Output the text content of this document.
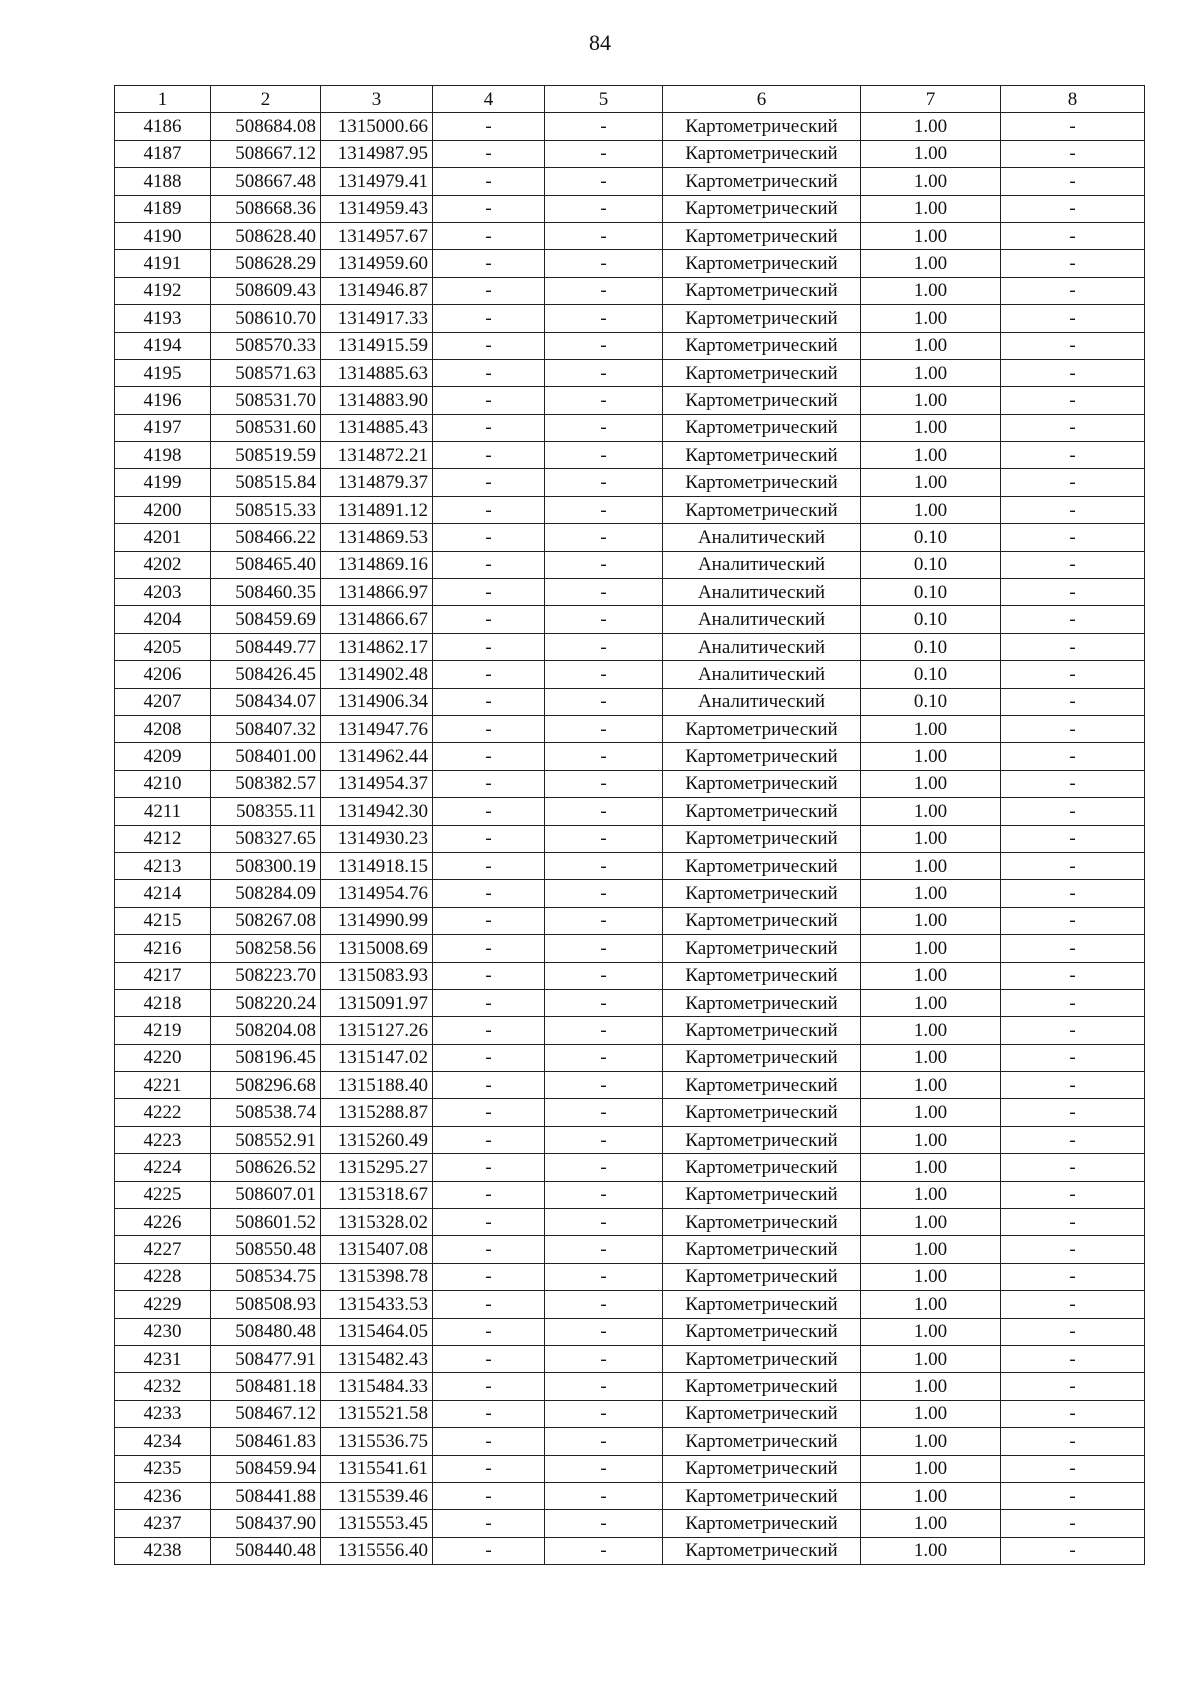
84
1	2	3	4	5	6	7	8
4186	508684.08	1315000.66	-	-	Картометрический	1.00	-
4187	508667.12	1314987.95	-	-	Картометрический	1.00	-
4188	508667.48	1314979.41	-	-	Картометрический	1.00	-
4189	508668.36	1314959.43	-	-	Картометрический	1.00	-
4190	508628.40	1314957.67	-	-	Картометрический	1.00	-
4191	508628.29	1314959.60	-	-	Картометрический	1.00	-
4192	508609.43	1314946.87	-	-	Картометрический	1.00	-
4193	508610.70	1314917.33	-	-	Картометрический	1.00	-
4194	508570.33	1314915.59	-	-	Картометрический	1.00	-
4195	508571.63	1314885.63	-	-	Картометрический	1.00	-
4196	508531.70	1314883.90	-	-	Картометрический	1.00	-
4197	508531.60	1314885.43	-	-	Картометрический	1.00	-
4198	508519.59	1314872.21	-	-	Картометрический	1.00	-
4199	508515.84	1314879.37	-	-	Картометрический	1.00	-
4200	508515.33	1314891.12	-	-	Картометрический	1.00	-
4201	508466.22	1314869.53	-	-	Аналитический	0.10	-
4202	508465.40	1314869.16	-	-	Аналитический	0.10	-
4203	508460.35	1314866.97	-	-	Аналитический	0.10	-
4204	508459.69	1314866.67	-	-	Аналитический	0.10	-
4205	508449.77	1314862.17	-	-	Аналитический	0.10	-
4206	508426.45	1314902.48	-	-	Аналитический	0.10	-
4207	508434.07	1314906.34	-	-	Аналитический	0.10	-
4208	508407.32	1314947.76	-	-	Картометрический	1.00	-
4209	508401.00	1314962.44	-	-	Картометрический	1.00	-
4210	508382.57	1314954.37	-	-	Картометрический	1.00	-
4211	508355.11	1314942.30	-	-	Картометрический	1.00	-
4212	508327.65	1314930.23	-	-	Картометрический	1.00	-
4213	508300.19	1314918.15	-	-	Картометрический	1.00	-
4214	508284.09	1314954.76	-	-	Картометрический	1.00	-
4215	508267.08	1314990.99	-	-	Картометрический	1.00	-
4216	508258.56	1315008.69	-	-	Картометрический	1.00	-
4217	508223.70	1315083.93	-	-	Картометрический	1.00	-
4218	508220.24	1315091.97	-	-	Картометрический	1.00	-
4219	508204.08	1315127.26	-	-	Картометрический	1.00	-
4220	508196.45	1315147.02	-	-	Картометрический	1.00	-
4221	508296.68	1315188.40	-	-	Картометрический	1.00	-
4222	508538.74	1315288.87	-	-	Картометрический	1.00	-
4223	508552.91	1315260.49	-	-	Картометрический	1.00	-
4224	508626.52	1315295.27	-	-	Картометрический	1.00	-
4225	508607.01	1315318.67	-	-	Картометрический	1.00	-
4226	508601.52	1315328.02	-	-	Картометрический	1.00	-
4227	508550.48	1315407.08	-	-	Картометрический	1.00	-
4228	508534.75	1315398.78	-	-	Картометрический	1.00	-
4229	508508.93	1315433.53	-	-	Картометрический	1.00	-
4230	508480.48	1315464.05	-	-	Картометрический	1.00	-
4231	508477.91	1315482.43	-	-	Картометрический	1.00	-
4232	508481.18	1315484.33	-	-	Картометрический	1.00	-
4233	508467.12	1315521.58	-	-	Картометрический	1.00	-
4234	508461.83	1315536.75	-	-	Картометрический	1.00	-
4235	508459.94	1315541.61	-	-	Картометрический	1.00	-
4236	508441.88	1315539.46	-	-	Картометрический	1.00	-
4237	508437.90	1315553.45	-	-	Картометрический	1.00	-
4238	508440.48	1315556.40	-	-	Картометрический	1.00	-
